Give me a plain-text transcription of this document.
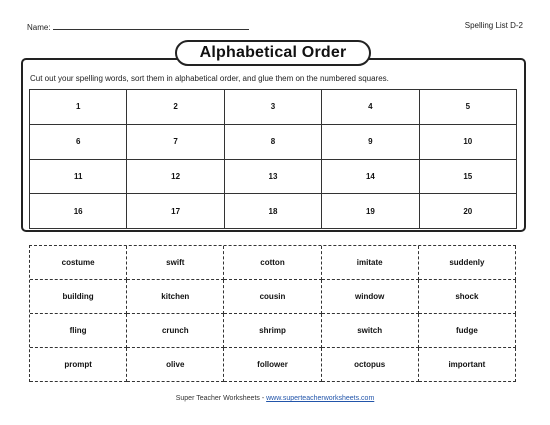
Name:	Spelling List D-2
Alphabetical Order
Cut out your spelling words, sort them in alphabetical order, and glue them on the numbered squares.
1	2	3	4	5
6	7	8	9	10
11	12	13	14	15
16	17	18	19	20
costume	swift	cotton	imitate	suddenly
building	kitchen	cousin	window	shock
fling	crunch	shrimp	switch	fudge
prompt	olive	follower	octopus	important
Super Teacher Worksheets - www.superteacherworksheets.com
